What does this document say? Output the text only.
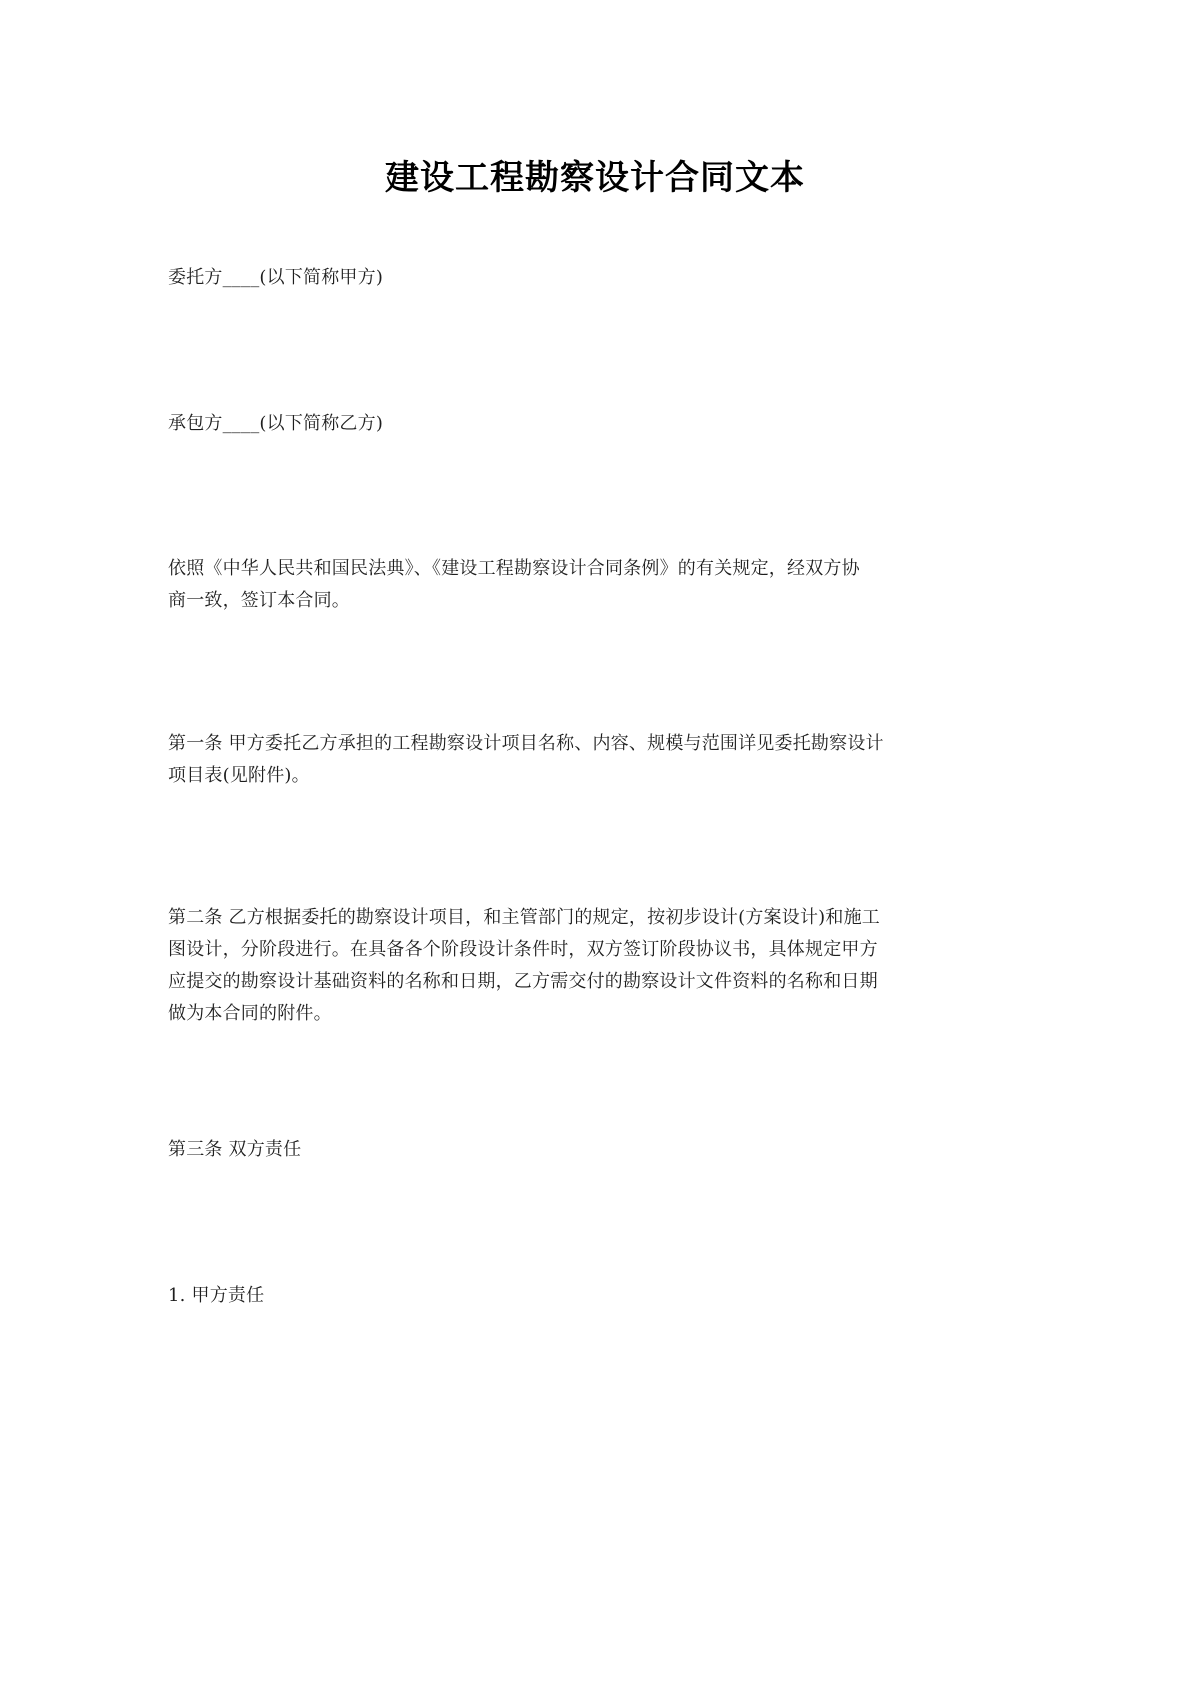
建设工程勘察设计合同文本

委托方____(以下简称甲方)

承包方____(以下简称乙方)

依照《中华人民共和国民法典》、《建设工程勘察设计合同条例》的有关规定，经双方协
商一致，签订本合同。

第一条 甲方委托乙方承担的工程勘察设计项目名称、内容、规模与范围详见委托勘察设计
项目表(见附件)。

第二条 乙方根据委托的勘察设计项目，和主管部门的规定，按初步设计(方案设计)和施工
图设计，分阶段进行。在具备各个阶段设计条件时，双方签订阶段协议书，具体规定甲方
应提交的勘察设计基础资料的名称和日期，乙方需交付的勘察设计文件资料的名称和日期
做为本合同的附件。

第三条 双方责任

1. 甲方责任
